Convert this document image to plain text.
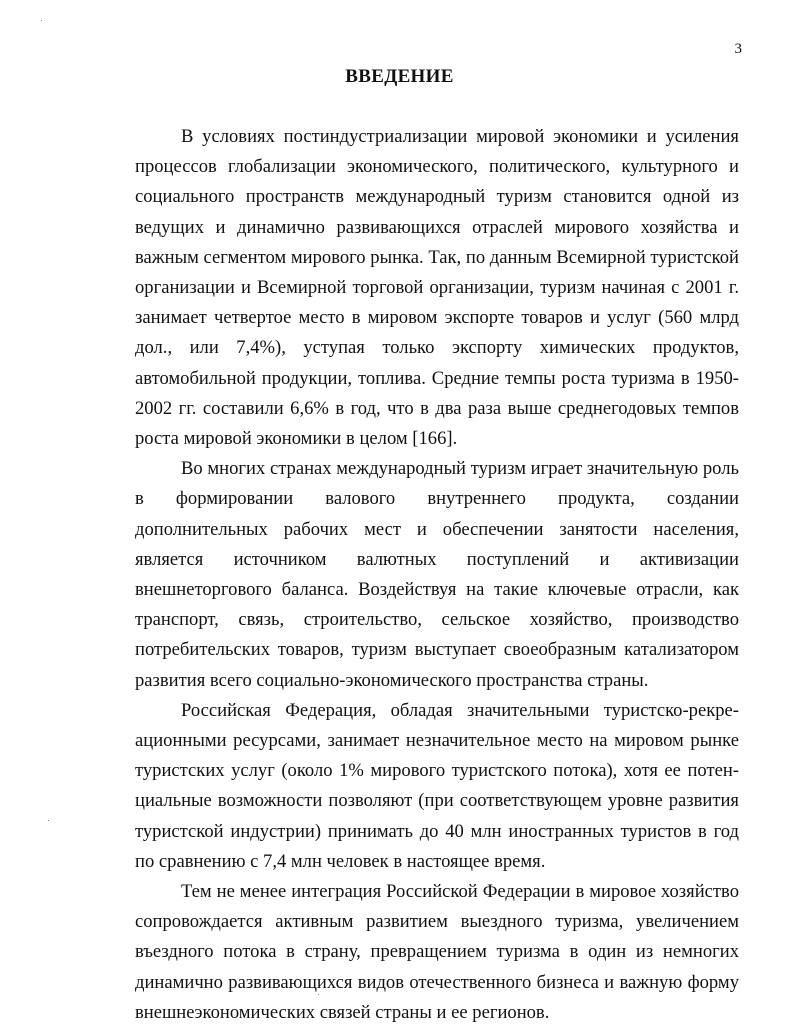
3
ВВЕДЕНИЕ

В условиях постиндустриализации мировой экономики и усиления процессов глобализации экономического, политического, культурного и социального пространств международный туризм становится одной из ведущих и динамично развивающихся отраслей мирового хозяйства и важным сегментом мирового рынка. Так, по данным Всемирной туристской организации и Всемирной торговой организации, туризм начиная с 2001 г. занимает четвертое место в мировом экспорте товаров и услуг (560 млрд дол., или 7,4%), уступая только экспорту химических продуктов, автомобильной продукции, топлива. Средние темпы роста туризма в 1950-2002 гг. составили 6,6% в год, что в два раза выше среднегодовых темпов роста мировой экономики в целом [166].

Во многих странах международный туризм играет значительную роль в формировании валового внутреннего продукта, создании дополнительных рабочих мест и обеспечении занятости населения, является источником валютных поступлений и активизации внешнеторгового баланса. Воздействуя на такие ключевые отрасли, как транспорт, связь, строительство, сельское хозяйство, производство потребительских товаров, туризм выступает своеобразным катализатором развития всего социально-экономического пространства страны.

Российская Федерация, обладая значительными туристско-рекреационными ресурсами, занимает незначительное место на мировом рынке туристских услуг (около 1% мирового туристского потока), хотя ее потенциальные возможности позволяют (при соответствующем уровне развития туристской индустрии) принимать до 40 млн иностранных туристов в год по сравнению с 7,4 млн человек в настоящее время.

Тем не менее интеграция Российской Федерации в мировое хозяйство сопровождается активным развитием выездного туризма, увеличением въездного потока в страну, превращением туризма в один из немногих динамично развивающихся видов отечественного бизнеса и важную форму внешнеэкономических связей страны и ее регионов.
